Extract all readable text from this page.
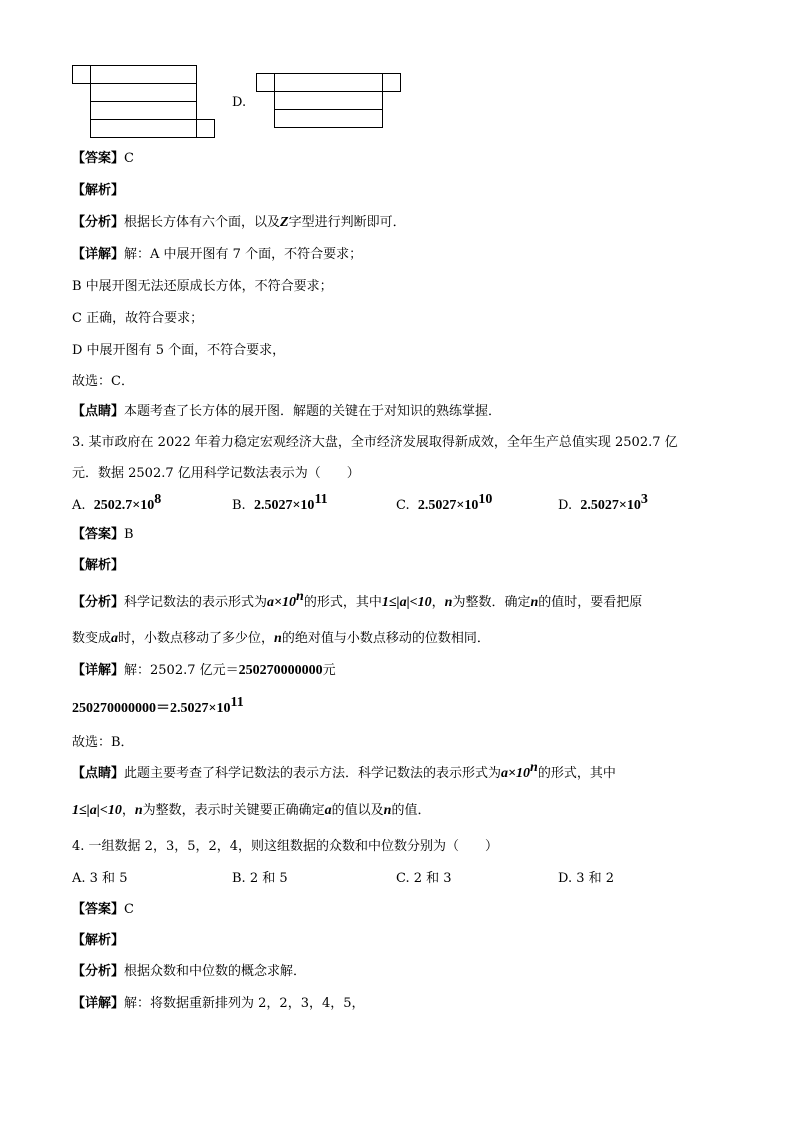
D.
【答案】C
【解析】
【分析】根据长方体有六个面，以及Z字型进行判断即可．
【详解】解：A 中展开图有 7 个面，不符合要求；
B 中展开图无法还原成长方体，不符合要求；
C 正确，故符合要求；
D 中展开图有 5 个面，不符合要求，
故选：C．
【点睛】本题考查了长方体的展开图．解题的关键在于对知识的熟练掌握．
3. 某市政府在 2022 年着力稳定宏观经济大盘，全市经济发展取得新成效，全年生产总值实现 2502.7 亿
元．数据 2502.7 亿用科学记数法表示为（　　）
A. $2502.7\times 10^8$	B. $2.5027\times 10^{11}$	C. $2.5027\times 10^{10}$	D. $2.5027\times 10^3$
【答案】B
【解析】
【分析】科学记数法的表示形式为$a\times 10^n$的形式，其中1≤|a|<10，n为整数．确定n的值时，要看把原
数变成a时，小数点移动了多少位，n的绝对值与小数点移动的位数相同．
【详解】解：2502.7 亿元＝250270000000元
$250270000000=2.5027\times 10^{11}$
故选：B．
【点睛】此题主要考查了科学记数法的表示方法．科学记数法的表示形式为$a\times 10^n$的形式，其中
1≤|a|<10，n为整数，表示时关键要正确确定a的值以及n的值．
4. 一组数据 2，3，5，2，4，则这组数据的众数和中位数分别为（　　）
A. 3 和 5	B. 2 和 5	C. 2 和 3	D. 3 和 2
【答案】C
【解析】
【分析】根据众数和中位数的概念求解．
【详解】解：将数据重新排列为 2，2，3，4，5，
